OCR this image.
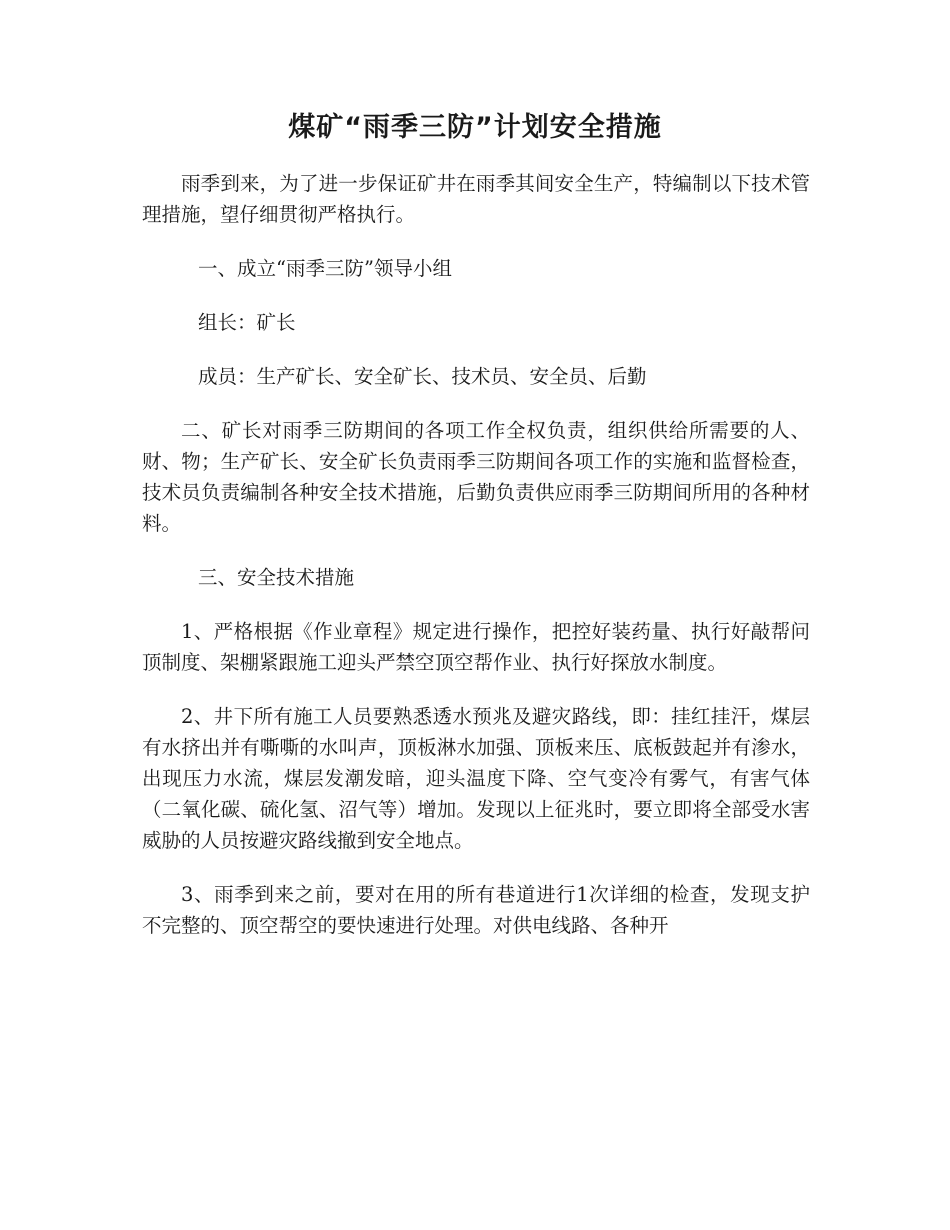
煤矿“雨季三防”计划安全措施

雨季到来，为了进一步保证矿井在雨季其间安全生产，特编制以下技术管理措施，望仔细贯彻严格执行。

一、成立“雨季三防”领导小组

组长：矿长

成员：生产矿长、安全矿长、技术员、安全员、后勤

二、矿长对雨季三防期间的各项工作全权负责，组织供给所需要的人、财、物；生产矿长、安全矿长负责雨季三防期间各项工作的实施和监督检查，技术员负责编制各种安全技术措施，后勤负责供应雨季三防期间所用的各种材料。

三、安全技术措施

1、严格根据《作业章程》规定进行操作，把控好装药量、执行好敲帮问顶制度、架棚紧跟施工迎头严禁空顶空帮作业、执行好探放水制度。

2、井下所有施工人员要熟悉透水预兆及避灾路线，即：挂红挂汗，煤层有水挤出并有嘶嘶的水叫声，顶板淋水加强、顶板来压、底板鼓起并有渗水，出现压力水流，煤层发潮发暗，迎头温度下降、空气变冷有雾气，有害气体（二氧化碳、硫化氢、沼气等）增加。发现以上征兆时，要立即将全部受水害威胁的人员按避灾路线撤到安全地点。

3、雨季到来之前，要对在用的所有巷道进行1次详细的检查，发现支护不完整的、顶空帮空的要快速进行处理。对供电线路、各种开
